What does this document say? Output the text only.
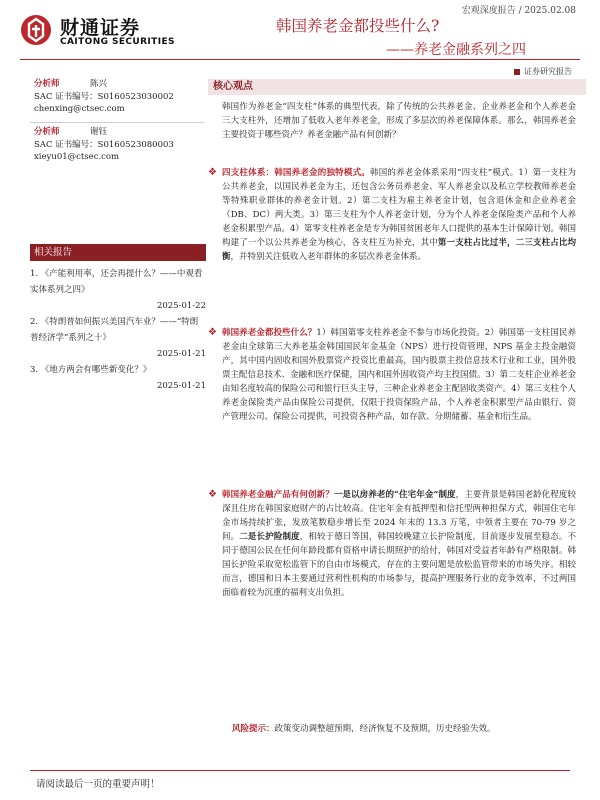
财通证券
CAITONG SECURITIES
宏观深度报告 / 2025.02.08
韩国养老金都投些什么?
——养老金融系列之四
证券研究报告
分析师	陈兴
SAC 证书编号：S0160523030002
chenxing@ctsec.com
分析师	谢钰
SAC 证书编号：S0160523080003
xieyu01@ctsec.com
相关报告
1. 《产能利用率，还会再提什么？——中观看实体系列之四》
2025-01-22
2. 《特朗普如何振兴美国汽车业？——“特朗普经济学”系列之十》
2025-01-21
3. 《地方两会有哪些新变化？》
2025-01-21
核心观点
韩国作为养老金“四支柱”体系的典型代表，除了传统的公共养老金、企业养老金和个人养老金三大支柱外，还增加了低收入老年养老金，形成了多层次的养老保障体系。那么，韩国养老金主要投资于哪些资产？养老金融产品有何创新？
❖ 四支柱体系：韩国养老金的独特模式。韩国的养老金体系采用“四支柱”模式。1）第一支柱为公共养老金，以国民养老金为主，还包含公务员养老金、军人养老金以及私立学校教师养老金等特殊职业群体的养老金计划。2）第二支柱为雇主养老金计划，包含退休金和企业养老金（DB、DC）两大类。3）第三支柱为个人养老金计划，分为个人养老金保险类产品和个人养老金积累型产品。4）第零支柱养老金是专为韩国贫困老年人口提供的基本生计保障计划。韩国构建了一个以公共养老金为核心，各支柱互为补充，其中第一支柱占比过半，二三支柱占比均衡，并特别关注低收入老年群体的多层次养老金体系。
❖ 韩国养老金都投些什么？1）韩国第零支柱养老金不参与市场化投资。2）韩国第一支柱国民养老金由全球第三大养老基金韩国国民年金基金（NPS）进行投资管理，NPS 基金主投金融资产，其中国内固收和国外股票资产投资比重最高，国内股票主投信息技术行业和工业，国外股票主配信息技术、金融和医疗保健，国内和国外固收资产均主投国债。3）第二支柱企业养老金由知名度较高的保险公司和银行巨头主导，三种企业养老金主配固收类资产。4）第三支柱个人养老金保险类产品由保险公司提供，仅限于投资保险产品，个人养老金积累型产品由银行、资产管理公司、保险公司提供，可投资各种产品，如存款、分期储蓄、基金和衍生品。
❖ 韩国养老金融产品有何创新？一是以房养老的“住宅年金”制度，主要背景是韩国老龄化程度较深且住房在韩国家庭财产的占比较高。住宅年金有抵押型和信托型两种担保方式，韩国住宅年金市场持续扩张，发放笔数稳步增长至 2024 年末的 13.3 万笔，中领者主要在 70-79 岁之间。二是长护险制度，相较于德日等国，韩国较晚建立长护险制度，目前逐步发展至稳态。不同于德国公民在任何年龄段都有资格申请长期照护的给付，韩国对受益者年龄有严格限制。韩国长护险采取宽松监管下的自由市场模式，存在的主要问题是放松监管带来的市场失序。相较而言，德国和日本主要通过营利性机构的市场参与，提高护理服务行业的竞争效率，不过两国面临着较为沉重的福利支出负担。
风险提示：政策变动调整超预期，经济恢复不及预期，历史经验失效。
请阅读最后一页的重要声明！
